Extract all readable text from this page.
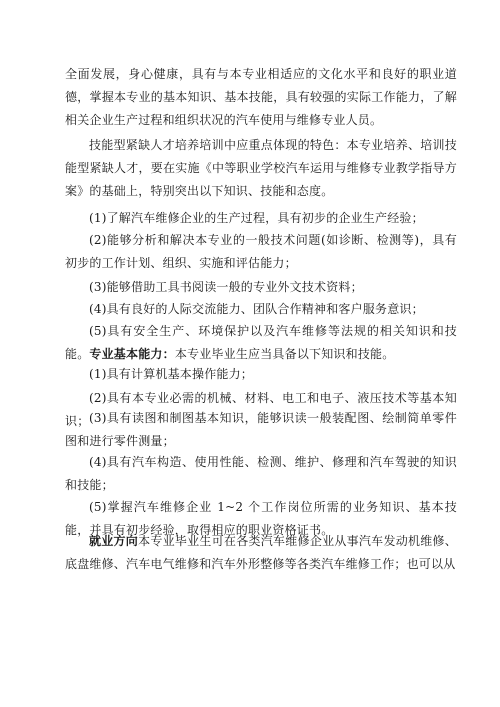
全面发展，身心健康，具有与本专业相适应的文化水平和良好的职业道德，掌握本专业的基本知识、基本技能，具有较强的实际工作能力，了解相关企业生产过程和组织状况的汽车使用与维修专业人员。

技能型紧缺人才培养培训中应重点体现的特色：本专业培养、培训技能型紧缺人才，要在实施《中等职业学校汽车运用与维修专业教学指导方案》的基础上，特别突出以下知识、技能和态度。

(1)了解汽车维修企业的生产过程，具有初步的企业生产经验；

(2)能够分析和解决本专业的一般技术问题(如诊断、检测等)，具有初步的工作计划、组织、实施和评估能力；

(3)能够借助工具书阅读一般的专业外文技术资料；

(4)具有良好的人际交流能力、团队合作精神和客户服务意识；

(5)具有安全生产、环境保护以及汽车维修等法规的相关知识和技能。专业基本能力：本专业毕业生应当具备以下知识和技能。

(1)具有计算机基本操作能力；

(2)具有本专业必需的机械、材料、电工和电子、液压技术等基本知识； (3)具有读图和制图基本知识，能够识读一般装配图、绘制简单零件图和进行零件测量；

(4)具有汽车构造、使用性能、检测、维护、修理和汽车驾驶的知识和技能；

(5)掌握汽车维修企业 1~2 个工作岗位所需的业务知识、基本技能，并具有初步经验，取得相应的职业资格证书。

就业方向本专业毕业生可在各类汽车维修企业从事汽车发动机维修、底盘维修、汽车电气维修和汽车外形整修等各类汽车维修工作；也可以从
